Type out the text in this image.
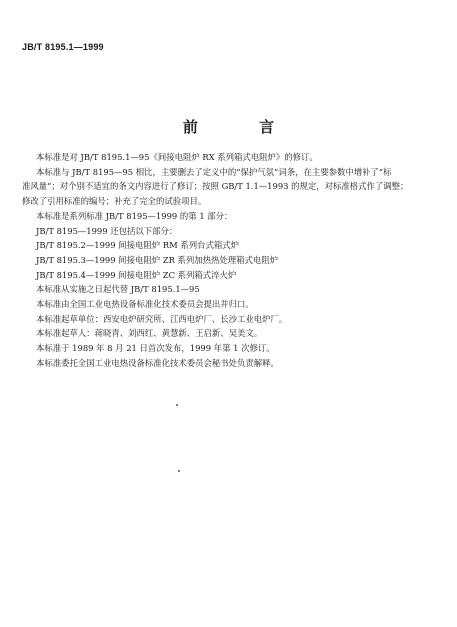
JB/T 8195.1—1999
前 言

本标准是对 JB/T 8195.1—95《间接电阻炉 RX 系列箱式电阻炉》的修订。

本标准与 JB/T 8195—95 相比，主要删去了定义中的“保护气氛”词条，在主要参数中增补了“标

准风量”；对个别不适宜的条文内容进行了修订；按照 GB/T 1.1—1993 的规定，对标准格式作了调整；

修改了引用标准的编号；补充了完全的试验项目。

本标准是系列标准 JB/T 8195—1999 的第 1 部分：

JB/T 8195—1999 还包括以下部分：

JB/T 8195.2—1999 间接电阻炉 RM 系列台式箱式炉

JB/T 8195.3—1999 间接电阻炉 ZR 系列加热热处理箱式电阻炉

JB/T 8195.4—1999 间接电阻炉 ZC 系列箱式淬火炉

本标准从实施之日起代替 JB/T 8195.1—95

本标准由全国工业电热设备标准化技术委员会提出并归口。

本标准起草单位：西安电炉研究所、江西电炉厂、长沙工业电炉厂。

本标准起草人：蒋晓青、刘西红、黄慧新、王启新、吴美文。

本标准于 1989 年 8 月 21 日首次发布，1999 年第 1 次修订。

本标准委托全国工业电热设备标准化技术委员会秘书处负责解释。
